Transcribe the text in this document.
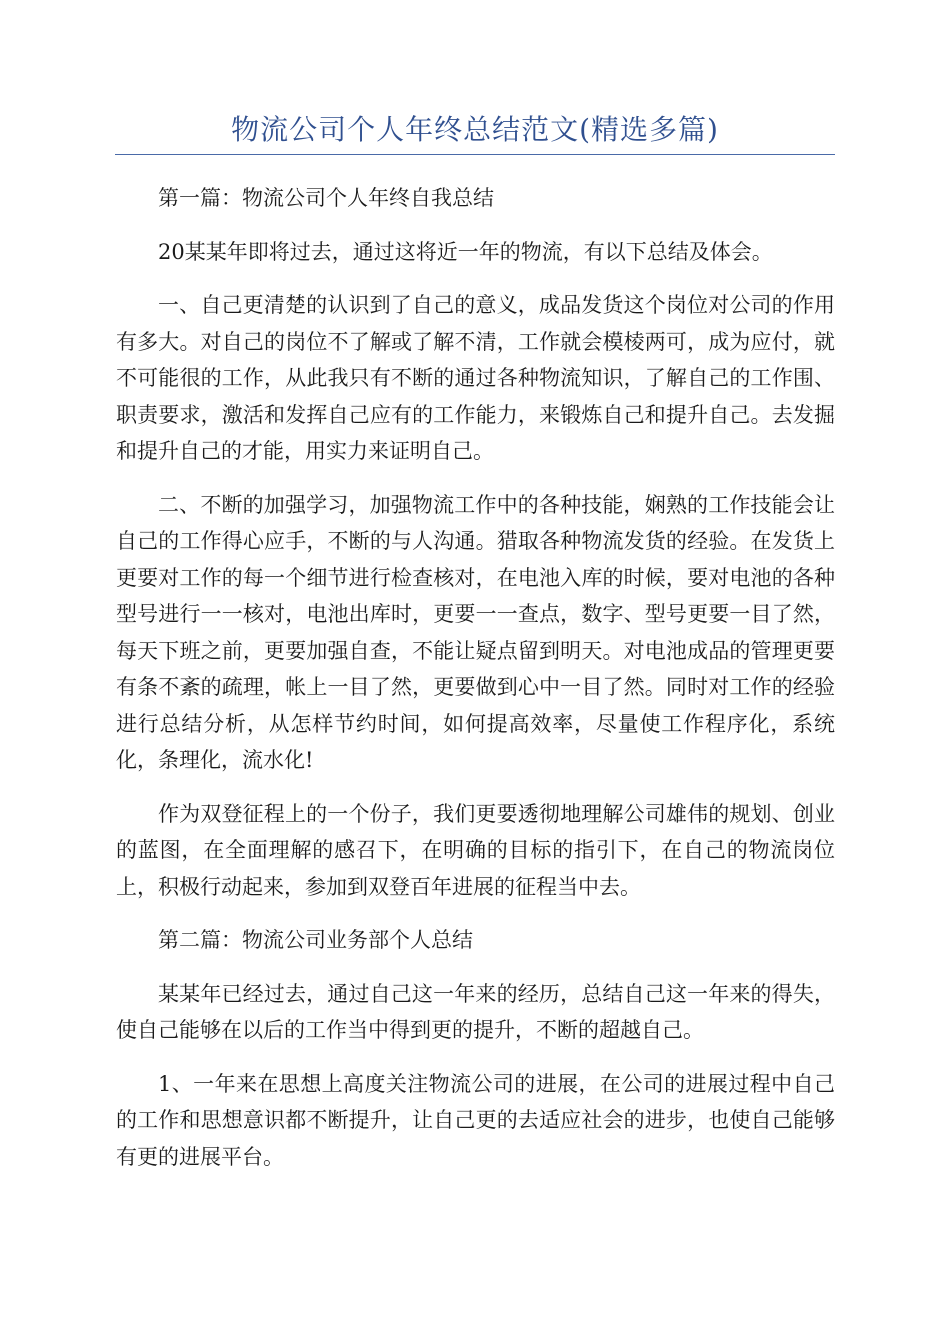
物流公司个人年终总结范文(精选多篇)

第一篇：物流公司个人年终自我总结

20某某年即将过去，通过这将近一年的物流，有以下总结及体会。

一、自己更清楚的认识到了自己的意义，成品发货这个岗位对公司的作用有多大。对自己的岗位不了解或了解不清，工作就会模棱两可，成为应付，就不可能很的工作，从此我只有不断的通过各种物流知识，了解自己的工作围、职责要求，激活和发挥自己应有的工作能力，来锻炼自己和提升自己。去发掘和提升自己的才能，用实力来证明自己。

二、不断的加强学习，加强物流工作中的各种技能，娴熟的工作技能会让自己的工作得心应手，不断的与人沟通。猎取各种物流发货的经验。在发货上更要对工作的每一个细节进行检查核对，在电池入库的时候，要对电池的各种型号进行一一核对，电池出库时，更要一一查点，数字、型号更要一目了然，每天下班之前，更要加强自查，不能让疑点留到明天。对电池成品的管理更要有条不紊的疏理，帐上一目了然，更要做到心中一目了然。同时对工作的经验进行总结分析，从怎样节约时间，如何提高效率，尽量使工作程序化，系统化，条理化，流水化!

作为双登征程上的一个份子，我们更要透彻地理解公司雄伟的规划、创业的蓝图，在全面理解的感召下，在明确的目标的指引下，在自己的物流岗位上，积极行动起来，参加到双登百年进展的征程当中去。

第二篇：物流公司业务部个人总结

某某年已经过去，通过自己这一年来的经历，总结自己这一年来的得失，使自己能够在以后的工作当中得到更的提升，不断的超越自己。

1、一年来在思想上高度关注物流公司的进展，在公司的进展过程中自己的工作和思想意识都不断提升，让自己更的去适应社会的进步，也使自己能够有更的进展平台。
